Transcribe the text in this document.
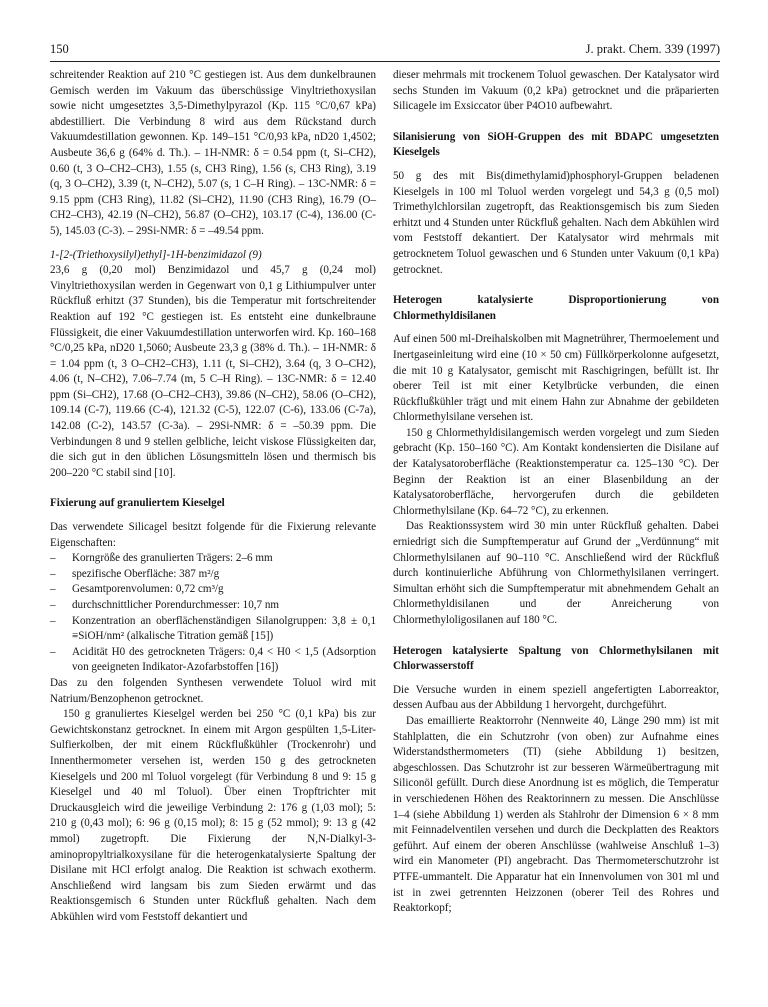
150	J. prakt. Chem. 339 (1997)

schreitender Reaktion auf 210 °C gestiegen ist. Aus dem dunkelbraunen Gemisch werden im Vakuum das überschüssige Vinyltriethoxysilan sowie nicht umgesetztes 3,5-Dimethylpyrazol (Kp. 115 °C/0,67 kPa) abdestilliert. Die Verbindung 8 wird aus dem Rückstand durch Vakuumdestillation gewonnen. Kp. 149–151 °C/0,93 kPa, nD20 1,4502; Ausbeute 36,6 g (64% d. Th.). – 1H-NMR: δ = 0.54 ppm (t, Si–CH2), 0.60 (t, 3 O–CH2–CH3), 1.55 (s, CH3 Ring), 1.56 (s, CH3 Ring), 3.19 (q, 3 O–CH2), 3.39 (t, N–CH2), 5.07 (s, 1 C–H Ring). – 13C-NMR: δ = 9.15 ppm (CH3 Ring), 11.82 (Si–CH2), 11.90 (CH3 Ring), 16.79 (O–CH2–CH3), 42.19 (N–CH2), 56.87 (O–CH2), 103.17 (C-4), 136.00 (C-5), 145.03 (C-3). – 29Si-NMR: δ = –49.54 ppm.

1-[2-(Triethoxysilyl)ethyl]-1H-benzimidazol (9)

23,6 g (0,20 mol) Benzimidazol und 45,7 g (0,24 mol) Vinyltriethoxysilan werden in Gegenwart von 0,1 g Lithiumpulver unter Rückfluß erhitzt (37 Stunden), bis die Temperatur mit fortschreitender Reaktion auf 192 °C gestiegen ist. Es entsteht eine dunkelbraune Flüssigkeit, die einer Vakuumdestillation unterworfen wird. Kp. 160–168 °C/0,25 kPa, nD20 1,5060; Ausbeute 23,3 g (38% d. Th.). – 1H-NMR: δ = 1.04 ppm (t, 3 O–CH2–CH3), 1.11 (t, Si–CH2), 3.64 (q, 3 O–CH2), 4.06 (t, N–CH2), 7.06–7.74 (m, 5 C–H Ring). – 13C-NMR: δ = 12.40 ppm (Si–CH2), 17.68 (O–CH2–CH3), 39.86 (N–CH2), 58.06 (O–CH2), 109.14 (C-7), 119.66 (C-4), 121.32 (C-5), 122.07 (C-6), 133.06 (C-7a), 142.08 (C-2), 143.57 (C-3a). – 29Si-NMR: δ = –50.39 ppm. Die Verbindungen 8 und 9 stellen gelbliche, leicht viskose Flüssigkeiten dar, die sich gut in den üblichen Lösungsmitteln lösen und thermisch bis 200–220 °C stabil sind [10].

Fixierung auf granuliertem Kieselgel

Das verwendete Silicagel besitzt folgende für die Fixierung relevante Eigenschaften:

– Korngröße des granulierten Trägers: 2–6 mm
– spezifische Oberfläche: 387 m²/g
– Gesamtporenvolumen: 0,72 cm³/g
– durchschnittlicher Porendurchmesser: 10,7 nm
– Konzentration an oberflächenständigen Silanolgruppen: 3,8 ± 0,1 ≡SiOH/nm² (alkalische Titration gemäß [15])
– Acidität H0 des getrockneten Trägers: 0,4 < H0 < 1,5 (Adsorption von geeigneten Indikator-Azofarbstoffen [16])

Das zu den folgenden Synthesen verwendete Toluol wird mit Natrium/Benzophenon getrocknet.

150 g granuliertes Kieselgel werden bei 250 °C (0,1 kPa) bis zur Gewichtskonstanz getrocknet. In einem mit Argon gespülten 1,5-Liter-Sulfierkolben, der mit einem Rückflußkühler (Trockenrohr) und Innenthermometer versehen ist, werden 150 g des getrockneten Kieselgels und 200 ml Toluol vorgelegt (für Verbindung 8 und 9: 15 g Kieselgel und 40 ml Toluol). Über einen Tropftrichter mit Druckausgleich wird die jeweilige Verbindung 2: 176 g (1,03 mol); 5: 210 g (0,43 mol); 6: 96 g (0,15 mol); 8: 15 g (52 mmol); 9: 13 g (42 mmol) zugetropft. Die Fixierung der N,N-Dialkyl-3-aminopropyltrialkoxysilane für die heterogenkatalysierte Spaltung der Disilane mit HCl erfolgt analog. Die Reaktion ist schwach exotherm. Anschließend wird langsam bis zum Sieden erwärmt und das Reaktionsgemisch 6 Stunden unter Rückfluß gehalten. Nach dem Abkühlen wird vom Feststoff dekantiert und

dieser mehrmals mit trockenem Toluol gewaschen. Der Katalysator wird sechs Stunden im Vakuum (0,2 kPa) getrocknet und die präparierten Silicagele im Exsiccator über P4O10 aufbewahrt.

Silanisierung von SiOH-Gruppen des mit BDAPC umgesetzten Kieselgels

50 g des mit Bis(dimethylamid)phosphoryl-Gruppen beladenen Kieselgels in 100 ml Toluol werden vorgelegt und 54,3 g (0,5 mol) Trimethylchlorsilan zugetropft, das Reaktionsgemisch bis zum Sieden erhitzt und 4 Stunden unter Rückfluß gehalten. Nach dem Abkühlen wird vom Feststoff dekantiert. Der Katalysator wird mehrmals mit getrocknetem Toluol gewaschen und 6 Stunden unter Vakuum (0,1 kPa) getrocknet.

Heterogen katalysierte Disproportionierung von Chlormethyldisilanen

Auf einen 500 ml-Dreihalskolben mit Magnetrührer, Thermoelement und Inertgaseinleitung wird eine (10 × 50 cm) Füllkörperkolonne aufgesetzt, die mit 10 g Katalysator, gemischt mit Raschigringen, befüllt ist. Ihr oberer Teil ist mit einer Ketylbrücke verbunden, die einen Rückflußkühler trägt und mit einem Hahn zur Abnahme der gebildeten Chlormethylsilane versehen ist.

150 g Chlormethyldisilangemisch werden vorgelegt und zum Sieden gebracht (Kp. 150–160 °C). Am Kontakt kondensierten die Disilane auf der Katalysatoroberfläche (Reaktionstemperatur ca. 125–130 °C). Der Beginn der Reaktion ist an einer Blasenbildung an der Katalysatoroberfläche, hervorgerufen durch die gebildeten Chlormethylsilane (Kp. 64–72 °C), zu erkennen.

Das Reaktionssystem wird 30 min unter Rückfluß gehalten. Dabei erniedrigt sich die Sumpftemperatur auf Grund der „Verdünnung“ mit Chlormethylsilanen auf 90–110 °C. Anschließend wird der Rückfluß durch kontinuierliche Abführung von Chlormethylsilanen verringert. Simultan erhöht sich die Sumpftemperatur mit abnehmendem Gehalt an Chlormethyldisilanen und der Anreicherung von Chlormethyloligosilanen auf 180 °C.

Heterogen katalysierte Spaltung von Chlormethylsilanen mit Chlorwasserstoff

Die Versuche wurden in einem speziell angefertigten Laborreaktor, dessen Aufbau aus der Abbildung 1 hervorgeht, durchgeführt.

Das emaillierte Reaktorrohr (Nennweite 40, Länge 290 mm) ist mit Stahlplatten, die ein Schutzrohr (von oben) zur Aufnahme eines Widerstandsthermometers (TI) (siehe Abbildung 1) besitzen, abgeschlossen. Das Schutzrohr ist zur besseren Wärmeübertragung mit Siliconöl gefüllt. Durch diese Anordnung ist es möglich, die Temperatur in verschiedenen Höhen des Reaktorinnern zu messen. Die Anschlüsse 1–4 (siehe Abbildung 1) werden als Stahlrohr der Dimension 6 × 8 mm mit Feinnadelventilen versehen und durch die Deckplatten des Reaktors geführt. Auf einem der oberen Anschlüsse (wahlweise Anschluß 1–3) wird ein Manometer (PI) angebracht. Das Thermometerschutzrohr ist PTFE-ummantelt. Die Apparatur hat ein Innenvolumen von 301 ml und ist in zwei getrennten Heizzonen (oberer Teil des Rohres und Reaktorkopf;
